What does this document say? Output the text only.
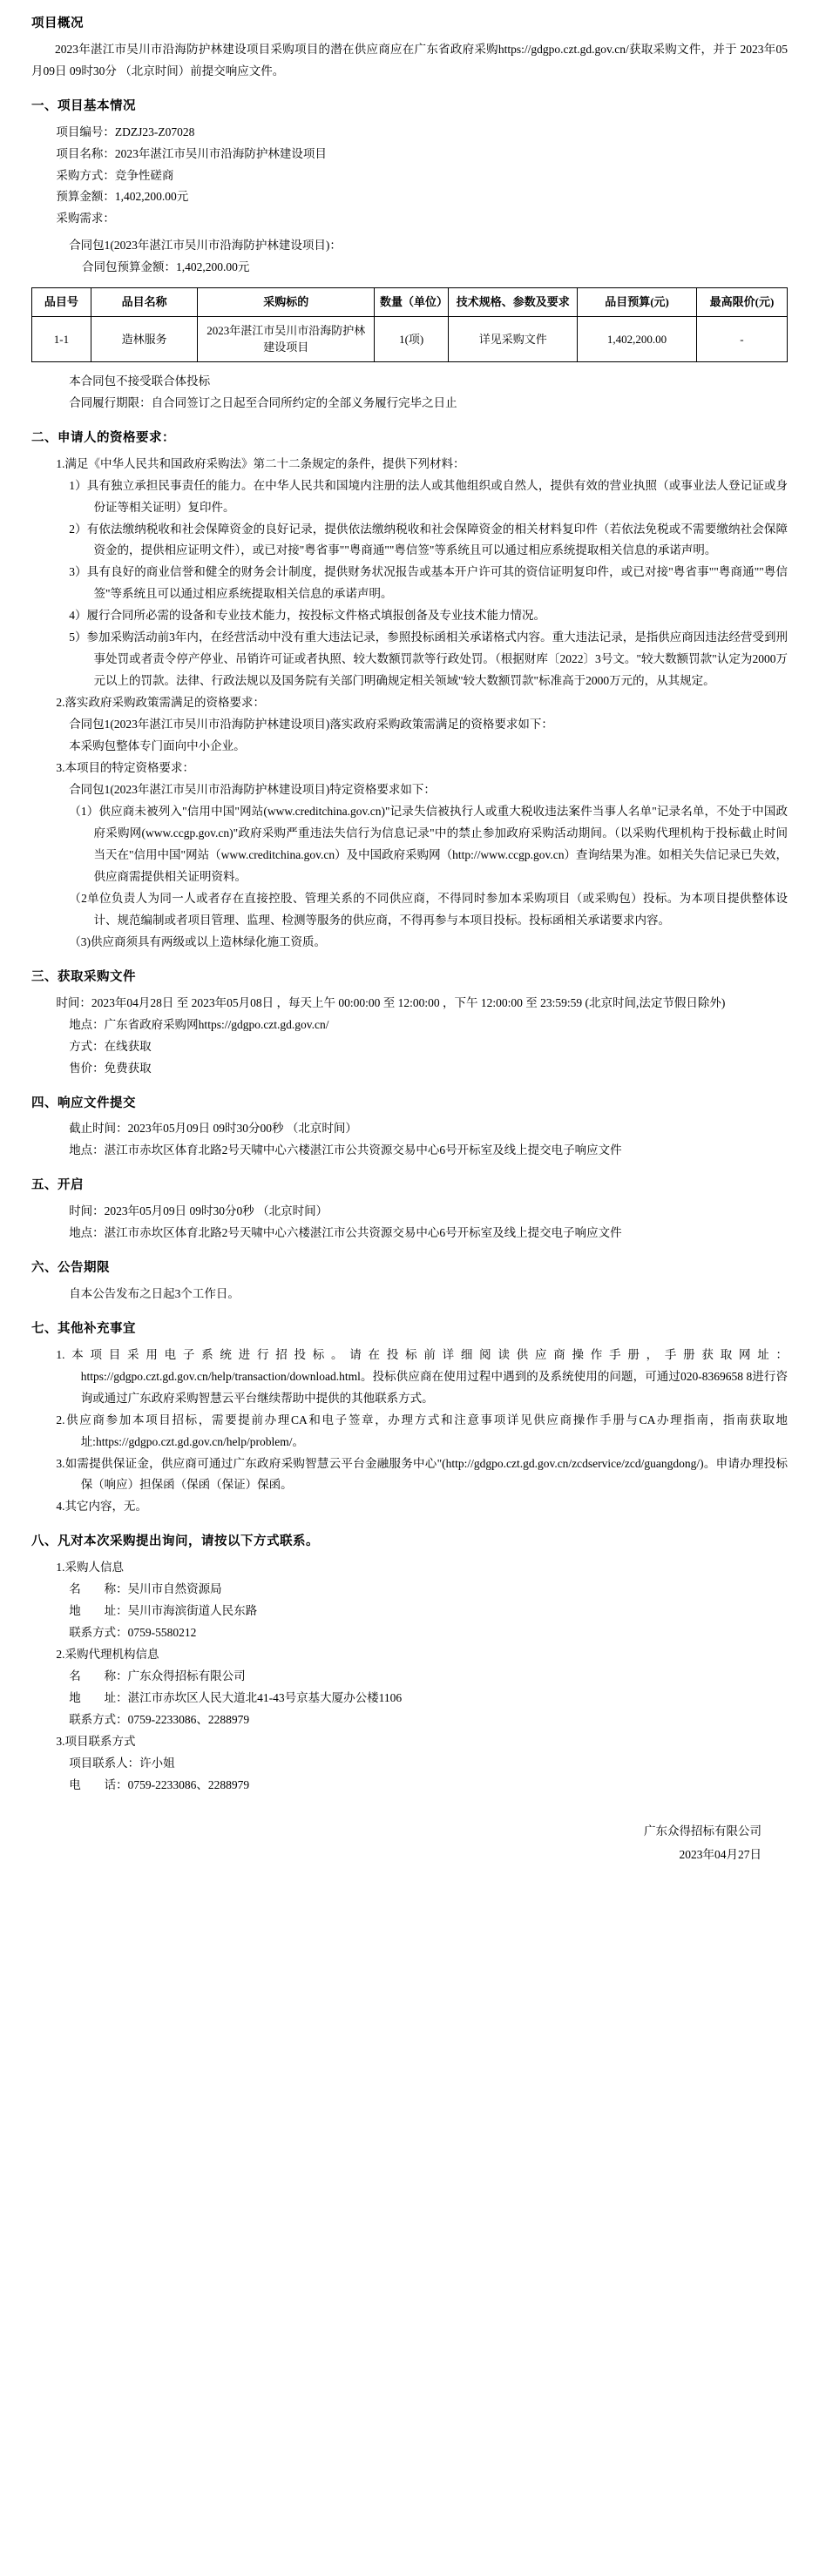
项目概况

2023年湛江市吴川市沿海防护林建设项目采购项目的潜在供应商应在广东省政府采购https://gdgpo.czt.gd.gov.cn/获取采购文件，并于 2023年05月09日 09时30分 （北京时间）前提交响应文件。

一、项目基本情况

项目编号：ZDZJ23-Z07028

项目名称：2023年湛江市吴川市沿海防护林建设项目

采购方式：竞争性磋商

预算金额：1,402,200.00元

采购需求：

合同包1(2023年湛江市吴川市沿海防护林建设项目)：

合同包预算金额：1,402,200.00元

品目号	品目名称	采购标的	数量（单位）	技术规格、参数及要求	品目预算(元)	最高限价(元)
1-1	造林服务	2023年湛江市吴川市沿海防护林建设项目	1(项)	详见采购文件	1,402,200.00	-

本合同包不接受联合体投标

合同履行期限：自合同签订之日起至合同所约定的全部义务履行完毕之日止

二、申请人的资格要求：

1.满足《中华人民共和国政府采购法》第二十二条规定的条件，提供下列材料：

1）具有独立承担民事责任的能力。在中华人民共和国境内注册的法人或其他组织或自然人，提供有效的营业执照（或事业法人登记证或身份证等相关证明）复印件。

2）有依法缴纳税收和社会保障资金的良好记录，提供依法缴纳税收和社会保障资金的相关材料复印件（若依法免税或不需要缴纳社会保障资金的，提供相应证明文件），或已对接"粤省事""粤商通""粤信签"等系统且可以通过相应系统提取相关信息的承诺声明。

3）具有良好的商业信誉和健全的财务会计制度，提供财务状况报告或基本开户许可其的资信证明复印件，或已对接"粤省事""粤商通""粤信签"等系统且可以通过相应系统提取相关信息的承诺声明。

4）履行合同所必需的设备和专业技术能力，按投标文件格式填报创备及专业技术能力情况。

5）参加采购活动前3年内，在经营活动中没有重大违法记录，参照投标函相关承诺格式内容。重大违法记录，是指供应商因违法经营受到刑事处罚或者责令停产停业、吊销许可证或者执照、较大数额罚款等行政处罚。（根据财库〔2022〕3号文。"较大数额罚款"认定为2000万元以上的罚款。法律、行政法规以及国务院有关部门明确规定相关领域"较大数额罚款"标准高于2000万元的，从其规定。

2.落实政府采购政策需满足的资格要求：

合同包1(2023年湛江市吴川市沿海防护林建设项目)落实政府采购政策需满足的资格要求如下：

本采购包整体专门面向中小企业。

3.本项目的特定资格要求：

合同包1(2023年湛江市吴川市沿海防护林建设项目)特定资格要求如下：

（1）供应商未被列入"信用中国"网站(www.creditchina.gov.cn)"记录失信被执行人或重大税收违法案件当事人名单"记录名单，不处于中国政府采购网(www.ccgp.gov.cn)"政府采购严重违法失信行为信息记录"中的禁止参加政府采购活动期间。（以采购代理机构于投标截止时间当天在"信用中国"网站（www.creditchina.gov.cn）及中国政府采购网（http://www.ccgp.gov.cn）查询结果为准。如相关失信记录已失效，供应商需提供相关证明资料。

（2单位负责人为同一人或者存在直接控股、管理关系的不同供应商，不得同时参加本采购项目（或采购包）投标。为本项目提供整体设计、规范编制或者项目管理、监理、检测等服务的供应商，不得再参与本项目投标。投标函相关承诺要求内容。

（3)供应商须具有两级或以上造林绿化施工资质。

三、获取采购文件

时间：2023年04月28日 至 2023年05月08日 ，每天上午 00:00:00 至 12:00:00 ，下午 12:00:00 至 23:59:59 (北京时间,法定节假日除外)

地点：广东省政府采购网https://gdgpo.czt.gd.gov.cn/

方式：在线获取

售价：免费获取

四、响应文件提交

截止时间：2023年05月09日 09时30分00秒 （北京时间）

地点：湛江市赤坎区体育北路2号天啸中心六楼湛江市公共资源交易中心6号开标室及线上提交电子响应文件

五、开启

时间：2023年05月09日 09时30分0秒 （北京时间）

地点：湛江市赤坎区体育北路2号天啸中心六楼湛江市公共资源交易中心6号开标室及线上提交电子响应文件

六、公告期限

自本公告发布之日起3个工作日。

七、其他补充事宜

1.本项目采用电子系统进行招投标。请在投标前详细阅读供应商操作手册，手册获取网址：https://gdgpo.czt.gd.gov.cn/help/transaction/download.html。投标供应商在使用过程中遇到的及系统使用的问题，可通过020-8369658 8进行咨询或通过广东政府采购智慧云平台继续帮助中提供的其他联系方式。

2.供应商参加本项目招标，需要提前办理CA和电子签章，办理方式和注意事项详见供应商操作手册与CA办理指南，指南获取地址:https://gdgpo.czt.gd.gov.cn/help/problem/。

3.如需提供保证金，供应商可通过广东政府采购智慧云平台金融服务中心"(http://gdgpo.czt.gd.gov.cn/zcdservice/zcd/guangdong/)。申请办理投标保（响应）担保函（保函（保证）保函。

4.其它内容，无。

八、凡对本次采购提出询问，请按以下方式联系。

1.采购人信息

名　　称：吴川市自然资源局

地　　址：吴川市海滨街道人民东路

联系方式：0759-5580212

2.采购代理机构信息

名　　称：广东众得招标有限公司

地　　址：湛江市赤坎区人民大道北41-43号京基大厦办公楼1106

联系方式：0759-2233086、2288979

3.项目联系方式

项目联系人：许小姐

电　　话：0759-2233086、2288979

广东众得招标有限公司
2023年04月27日
